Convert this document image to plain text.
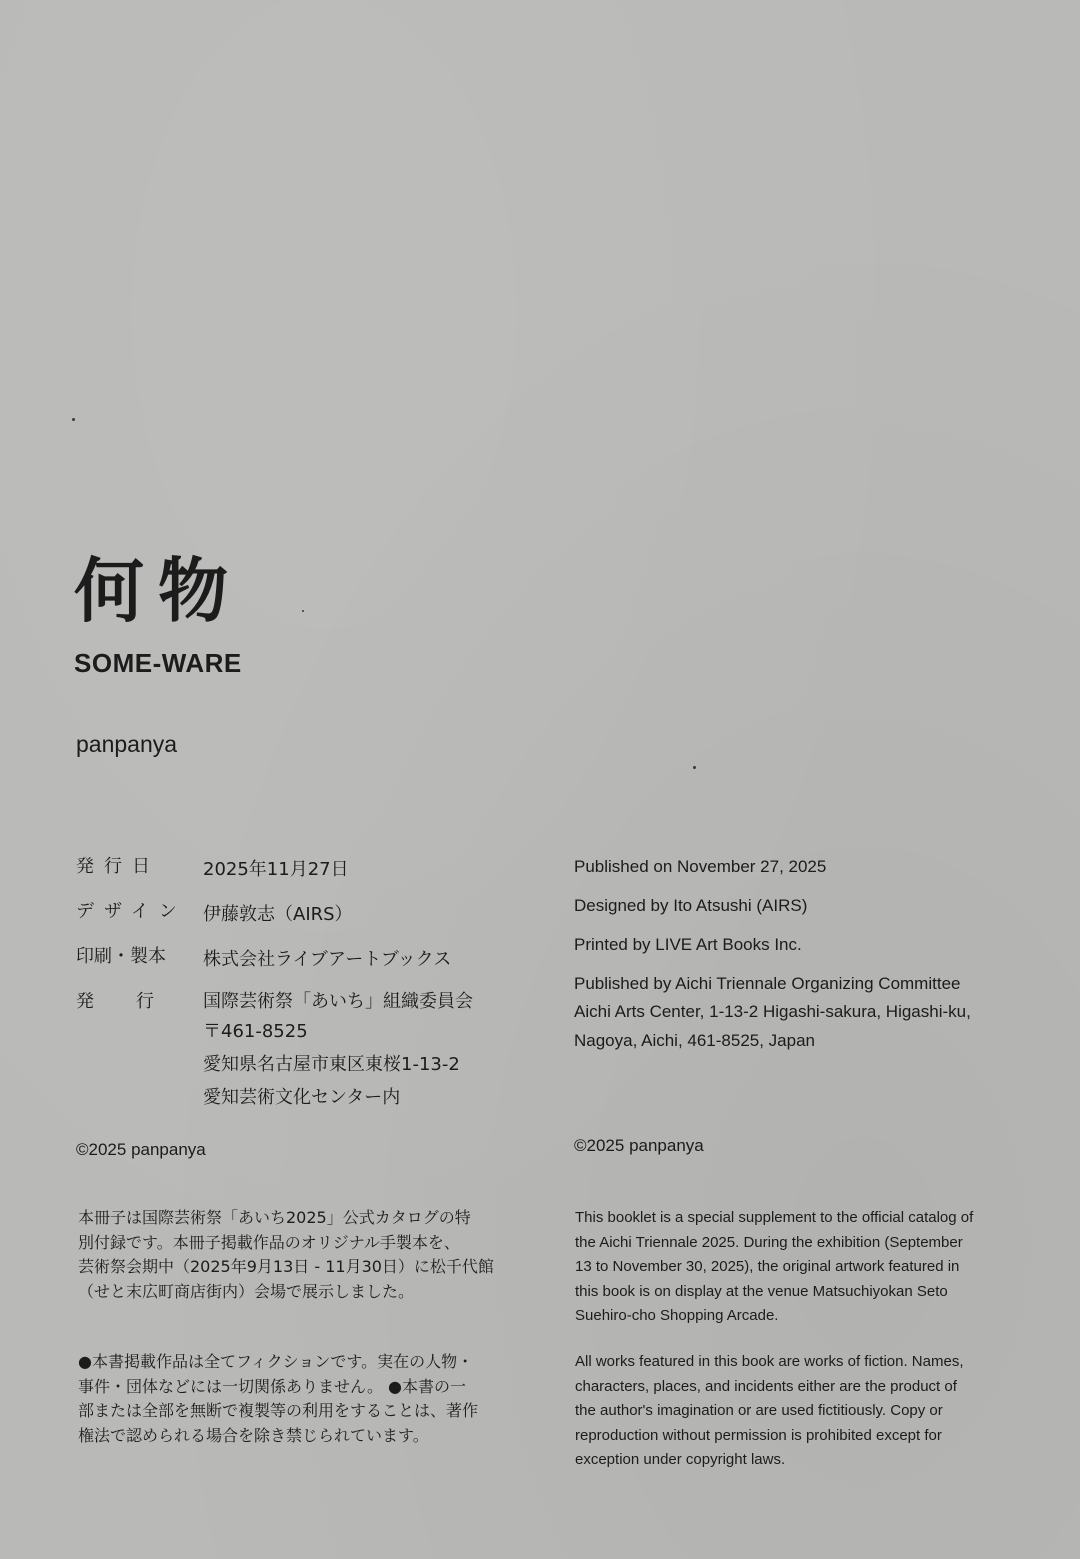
何物
SOME-WARE
panpanya
発行日	2025年11月27日
デザイン 伊藤敦志（AIRS）
印刷・製本	株式会社ライブアートブックス
発行 国際芸術祭「あいち」組織委員会
〒461-8525
愛知県名古屋市東区東桜1-13-2
愛知芸術文化センター内
Published on November 27, 2025
Designed by Ito Atsushi (AIRS)
Printed by LIVE Art Books Inc.
Published by Aichi Triennale Organizing Committee
Aichi Arts Center, 1-13-2 Higashi-sakura, Higashi-ku,
Nagoya, Aichi, 461-8525, Japan
©2025 panpanya	©2025 panpanya
本冊子は国際芸術祭「あいち2025」公式カタログの特
別付録です。本冊子掲載作品のオリジナル手製本を、
芸術祭会期中（2025年9月13日 - 11月30日）に松千代館
（せと末広町商店街内）会場で展示しました。
This booklet is a special supplement to the official catalog of
the Aichi Triennale 2025. During the exhibition (September
13 to November 30, 2025), the original artwork featured in
this book is on display at the venue Matsuchiyokan Seto
Suehiro-cho Shopping Arcade.
●本書掲載作品は全てフィクションです。実在の人物・
事件・団体などには一切関係ありません。 ●本書の一
部または全部を無断で複製等の利用をすることは、著作
権法で認められる場合を除き禁じられています。
All works featured in this book are works of fiction. Names,
characters, places, and incidents either are the product of
the author's imagination or are used fictitiously. Copy or
reproduction without permission is prohibited except for
exception under copyright laws.
